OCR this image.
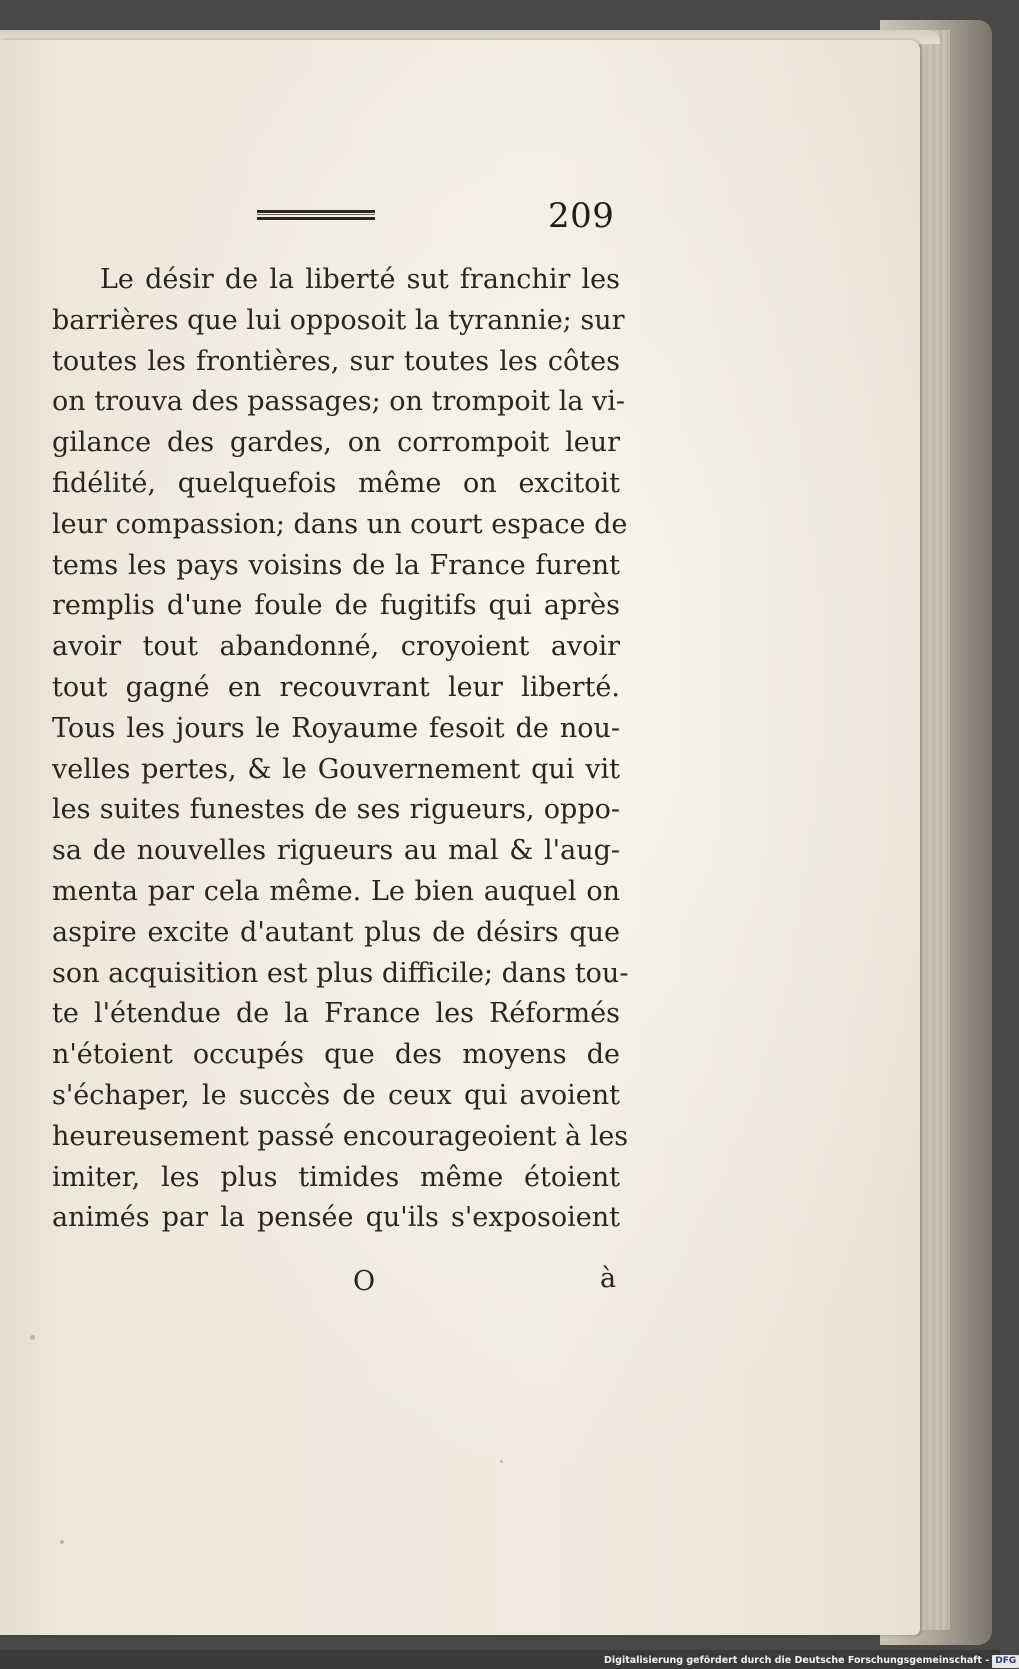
209
Le désir de la liberté sut franchir les
barrières que lui opposoit la tyrannie; sur
toutes les frontières, sur toutes les côtes
on trouva des passages; on trompoit la vi-
gilance des gardes, on corrompoit leur
fidélité, quelquefois même on excitoit
leur compassion; dans un court espace de
tems les pays voisins de la France furent
remplis d'une foule de fugitifs qui après
avoir tout abandonné, croyoient avoir
tout gagné en recouvrant leur liberté.
Tous les jours le Royaume fesoit de nou-
velles pertes, & le Gouvernement qui vit
les suites funestes de ses rigueurs, oppo-
sa de nouvelles rigueurs au mal & l'aug-
menta par cela même. Le bien auquel on
aspire excite d'autant plus de désirs que
son acquisition est plus difficile; dans tou-
te l'étendue de la France les Réformés
n'étoient occupés que des moyens de
s'échaper, le succès de ceux qui avoient
heureusement passé encourageoient à les
imiter, les plus timides même étoient
animés par la pensée qu'ils s'exposoient
O	à
Digitalisierung gefördert durch die Deutsche Forschungsgemeinschaft - DFG
